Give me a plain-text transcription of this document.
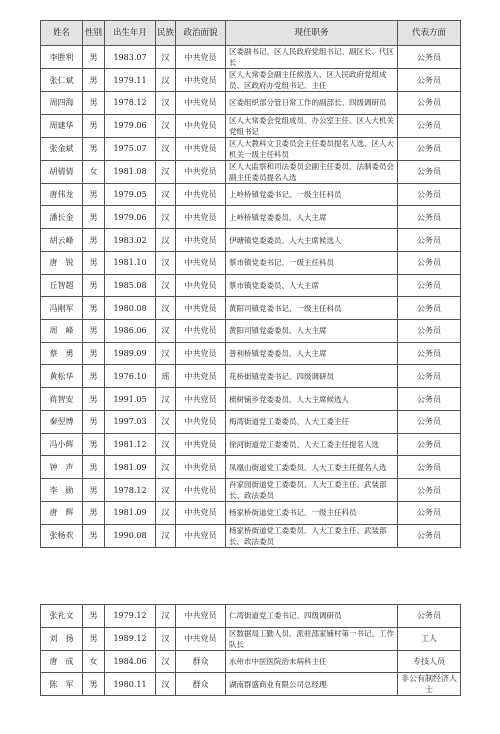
姓名	性别	出生年月	民族	政治面貌	现任职务	代表方面
李胜利	男	1983.07	汉	中共党员	区委副书记、区人民政府党组书记、副区长、代区长	公务员
张仁斌	男	1979.11	汉	中共党员	区人大常委会副主任候选人、区人民政府党组成员、区政府办党组书记、主任	公务员
周四海	男	1978.12	汉	中共党员	区委组织部分管日常工作的副部长、四级调研员	公务员
周建华	男	1979.06	汉	中共党员	区人大常委会党组成员、办公室主任、区人大机关党组书记	公务员
张金斌	男	1975.07	汉	中共党员	区人大教科文卫委员会主任委员提名人选、区人大机关一级主任科员	公务员
胡倩倩	女	1981.08	汉	中共党员	区人大监察和司法委员会副主任委员、法制委员会副主任委员提名人选	公务员
唐伟龙	男	1979.05	汉	中共党员	上岭桥镇党委书记、一级主任科员	公务员
潘长金	男	1979.06	汉	中共党员	上岭桥镇党委委员、人大主席	公务员
胡云峰	男	1983.02	汉	中共党员	伊塘镇党委委员、人大主席候选人	公务员
唐　锐	男	1981.10	汉	中共党员	蔡市镇党委书记、一级主任科员	公务员
丘智超	男	1985.08	汉	中共党员	蔡市镇党委委员、人大主席	公务员
冯刚军	男	1980.08	汉	中共党员	黄阳司镇党委书记、一级主任科员	公务员
周　峰	男	1986.06	汉	中共党员	黄阳司镇党委委员、人大主席	公务员
蔡　勇	男	1989.09	汉	中共党员	普利桥镇党委委员、人大主席	公务员
黄松华	男	1976.10	瑶	中共党员	花桥街镇党委书记、四级调研员	公务员
蒋智安	男	1991.05	汉	中共党员	梳树铺乡党委委员、人大主席候选人	公务员
秦翌博	男	1997.03	汉	中共党员	梅湾街道党工委委员、人大工委主任	公务员
冯小辉	男	1981.12	汉	中共党员	徐河街道党工委委员、人大工委主任提名人选	公务员
钟　声	男	1981.09	汉	中共党员	凤凰山街道党工委委员、人大工委主任提名人选	公务员
李　勋	男	1978.12	汉	中共党员	肖家园街道党工委委员、人大工委主任、武装部长、政法委员	公务员
唐　辉	男	1981.09	汉	中共党员	杨家桥街道党工委书记、一级主任科员	公务员
张杨欢	男	1990.08	汉	中共党员	杨家桥街道党工委委员、人大工委主任、武装部长、政法委员	公务员
张礼文	男	1979.12	汉	中共党员	仁湾街道党工委书记、四级调研员	公务员
刘　扬	男	1989.12	汉	中共党员	区数据局工勤人员、派驻邵家铺村第一书记、工作队长	工人
唐　成	女	1984.06	汉	群众	永州市中医医院治未病科主任	专技人员
陈　军	男	1980.11	汉	群众	湖南群盛商业有限公司总经理	非公有制经济人士
